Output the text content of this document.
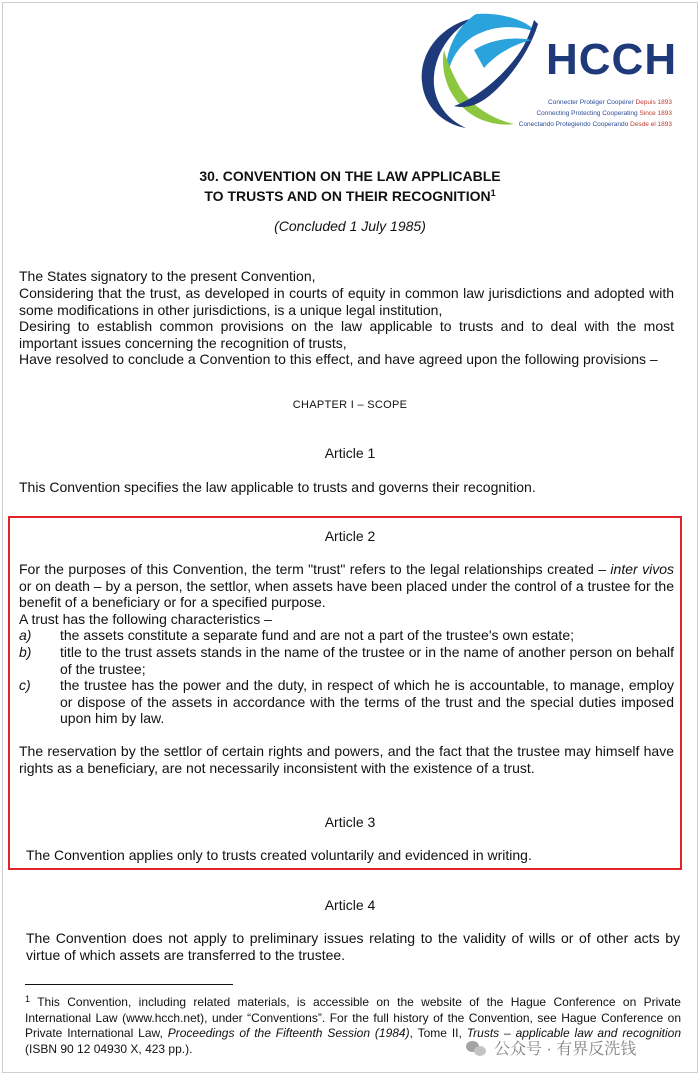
HCCH
Connecter Protéger Coopérer Depuis 1893
Connecting Protecting Cooperating Since 1893
Conectando Protegiendo Cooperando Desde el 1893
30. CONVENTION ON THE LAW APPLICABLE
TO TRUSTS AND ON THEIR RECOGNITION$^1$
(Concluded 1 July 1985)
The States signatory to the present Convention,
Considering that the trust, as developed in courts of equity in common law jurisdictions and adopted with some modifications in other jurisdictions, is a unique legal institution,
Desiring to establish common provisions on the law applicable to trusts and to deal with the most important issues concerning the recognition of trusts,
Have resolved to conclude a Convention to this effect, and have agreed upon the following provisions –
CHAPTER I – SCOPE
Article 1
This Convention specifies the law applicable to trusts and governs their recognition.
Article 2
For the purposes of this Convention, the term "trust" refers to the legal relationships created – inter vivos or on death – by a person, the settlor, when assets have been placed under the control of a trustee for the benefit of a beneficiary or for a specified purpose.
A trust has the following characteristics –
a) the assets constitute a separate fund and are not a part of the trustee's own estate;
b) title to the trust assets stands in the name of the trustee or in the name of another person on behalf of the trustee;
c) the trustee has the power and the duty, in respect of which he is accountable, to manage, employ or dispose of the assets in accordance with the terms of the trust and the special duties imposed upon him by law.
The reservation by the settlor of certain rights and powers, and the fact that the trustee may himself have rights as a beneficiary, are not necessarily inconsistent with the existence of a trust.
Article 3
The Convention applies only to trusts created voluntarily and evidenced in writing.
Article 4
The Convention does not apply to preliminary issues relating to the validity of wills or of other acts by virtue of which assets are transferred to the trustee.
$^1$ This Convention, including related materials, is accessible on the website of the Hague Conference on Private International Law (www.hcch.net), under “Conventions”. For the full history of the Convention, see Hague Conference on Private International Law, Proceedings of the Fifteenth Session (1984), Tome II, Trusts – applicable law and recognition (ISBN 90 12 04930 X, 423 pp.).	公众号 · 有界反洗钱
